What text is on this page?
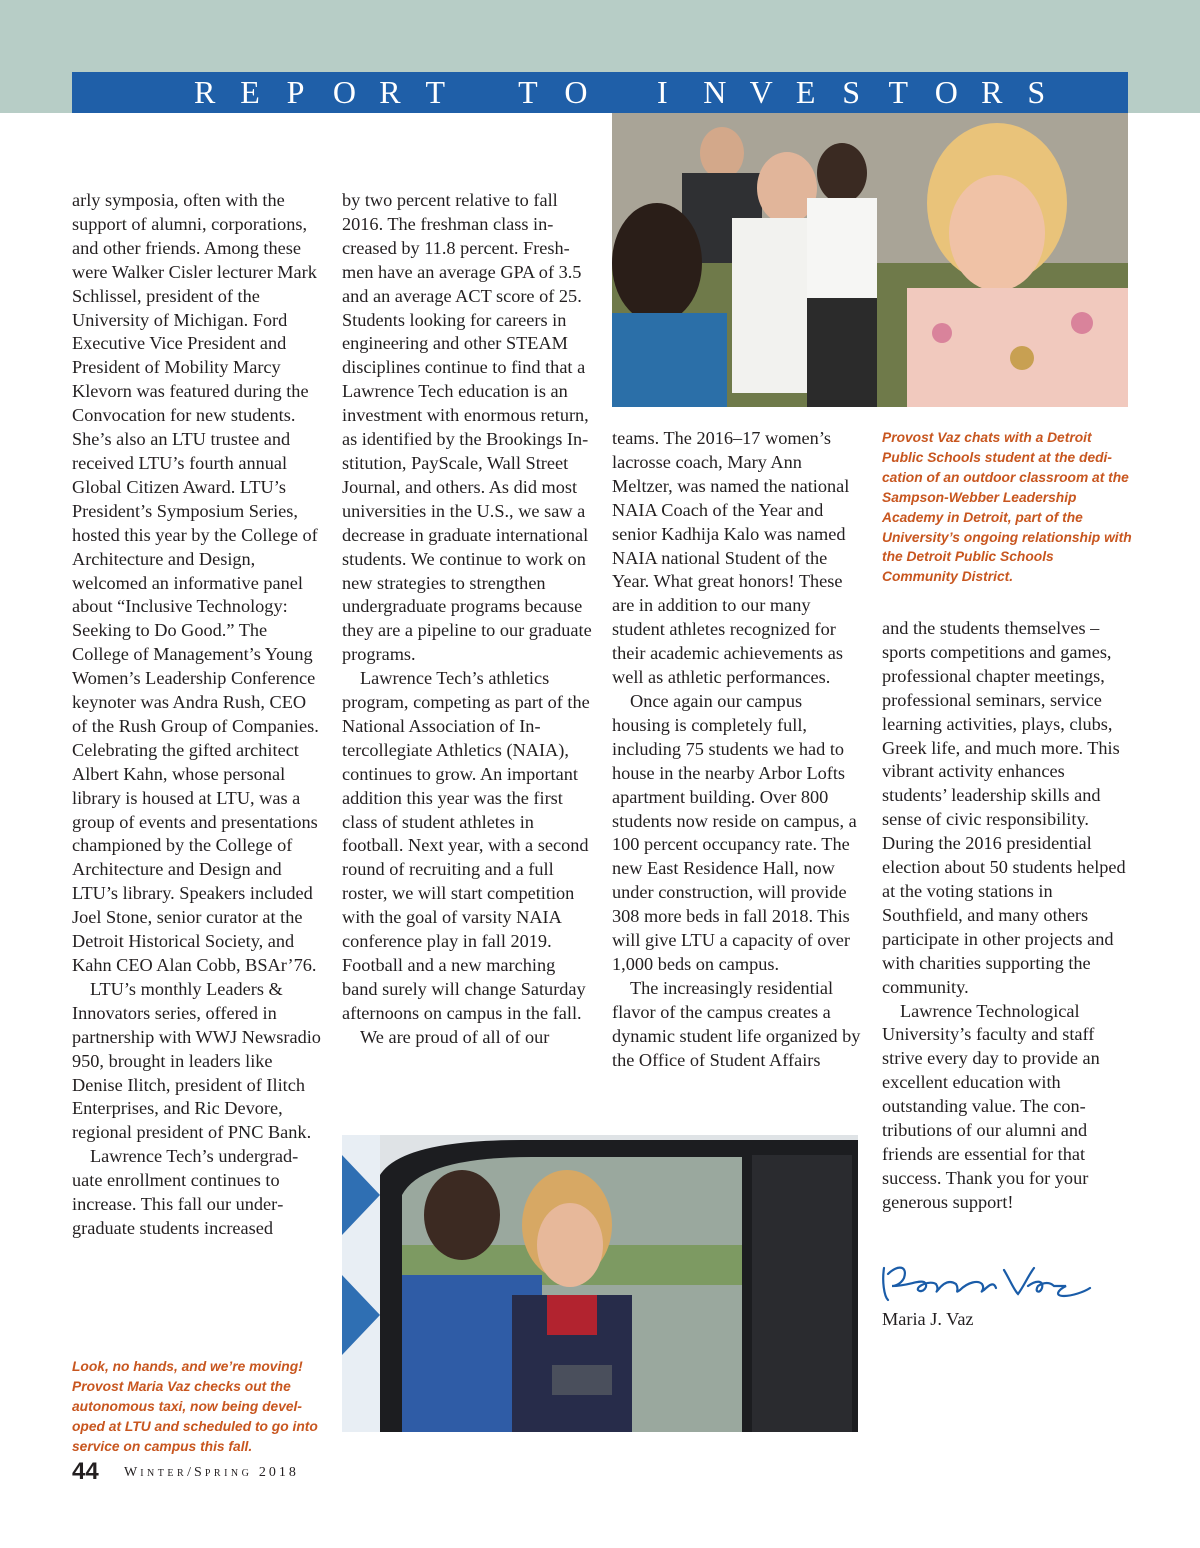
R E P O R T T O I N V E S T O R S

arly symposia, often with the support of alumni, corporations, and other friends. Among these were Walker Cisler lecturer Mark Schlissel, president of the University of Michigan. Ford Executive Vice President and President of Mobility Marcy Klevorn was featured during the Convocation for new students. She’s also an LTU trustee and received LTU’s fourth annual Global Citizen Award. LTU’s President’s Symposium Series, hosted this year by the College of Architecture and Design, welcomed an informative panel about “Inclusive Technology: Seeking to Do Good.” The College of Management’s Young Women’s Leadership Conference keynoter was Andra Rush, CEO of the Rush Group of Companies. Celebrating the gifted architect Albert Kahn, whose personal library is housed at LTU, was a group of events and presentations championed by the College of Architecture and Design and LTU’s library. Speakers included Joel Stone, senior curator at the Detroit Historical Society, and Kahn CEO Alan Cobb, BSAr’76.

LTU’s monthly Leaders & Innovators series, offered in partnership with WWJ Newsradio 950, brought in leaders like Denise Ilitch, president of Ilitch Enterprises, and Ric Devore, regional president of PNC Bank.

Lawrence Tech’s undergraduate enrollment continues to increase. This fall our undergraduate students increased

by two percent relative to fall 2016. The freshman class increased by 11.8 percent. Freshmen have an average GPA of 3.5 and an average ACT score of 25. Students looking for careers in engineering and other STEAM disciplines continue to find that a Lawrence Tech education is an investment with enormous return, as identified by the Brookings Institution, PayScale, Wall Street Journal, and others. As did most universities in the U.S., we saw a decrease in graduate international students. We continue to work on new strategies to strengthen undergraduate programs because they are a pipeline to our graduate programs.

Lawrence Tech’s athletics program, competing as part of the National Association of Intercollegiate Athletics (NAIA), continues to grow. An important addition this year was the first class of student athletes in football. Next year, with a second round of recruiting and a full roster, we will start competition with the goal of varsity NAIA conference play in fall 2019. Football and a new marching band surely will change Saturday afternoons on campus in the fall.

We are proud of all of our

teams. The 2016–17 women’s lacrosse coach, Mary Ann Meltzer, was named the national NAIA Coach of the Year and senior Kadhija Kalo was named NAIA national Student of the Year. What great honors! These are in addition to our many student athletes recognized for their academic achievements as well as athletic performances.

Once again our campus housing is completely full, including 75 students we had to house in the nearby Arbor Lofts apartment building. Over 800 students now reside on campus, a 100 percent occupancy rate. The new East Residence Hall, now under construction, will provide 308 more beds in fall 2018. This will give LTU a capacity of over 1,000 beds on campus.

The increasingly residential flavor of the campus creates a dynamic student life organized by the Office of Student Affairs

and the students themselves – sports competitions and games, professional chapter meetings, professional seminars, service learning activities, plays, clubs, Greek life, and much more. This vibrant activity enhances students’ leadership skills and sense of civic responsibility. During the 2016 presidential election about 50 students helped at the voting stations in Southfield, and many others participate in other projects and with charities supporting the community.

Lawrence Technological University’s faculty and staff strive every day to provide an excellent education with outstanding value. The contributions of our alumni and friends are essential for that success. Thank you for your generous support!

Provost Vaz chats with a Detroit Public Schools student at the dedication of an outdoor classroom at the Sampson-Webber Leadership Academy in Detroit, part of the University’s ongoing relationship with the Detroit Public Schools Community District.
Look, no hands, and we’re moving! Provost Maria Vaz checks out the autonomous taxi, now being developed at LTU and scheduled to go into service on campus this fall.
Maria J. Vaz
44 WINTER/SPRING 2018
